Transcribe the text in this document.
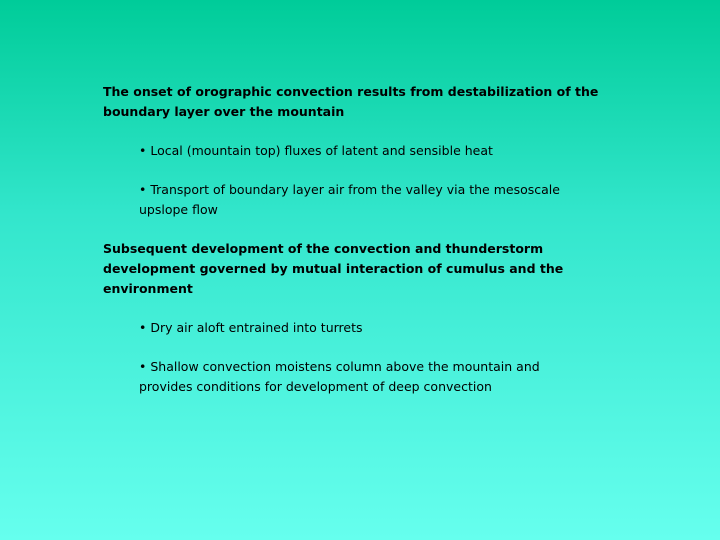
The onset of orographic convection results from destabilization of the boundary layer over the mountain

• Local (mountain top) fluxes of latent and sensible heat

• Transport of boundary layer air from the valley via the mesoscale upslope flow

Subsequent development of the convection and thunderstorm development governed by mutual interaction of cumulus and the environment

• Dry air aloft entrained into turrets

• Shallow convection moistens column above the mountain and provides conditions for development of deep convection
